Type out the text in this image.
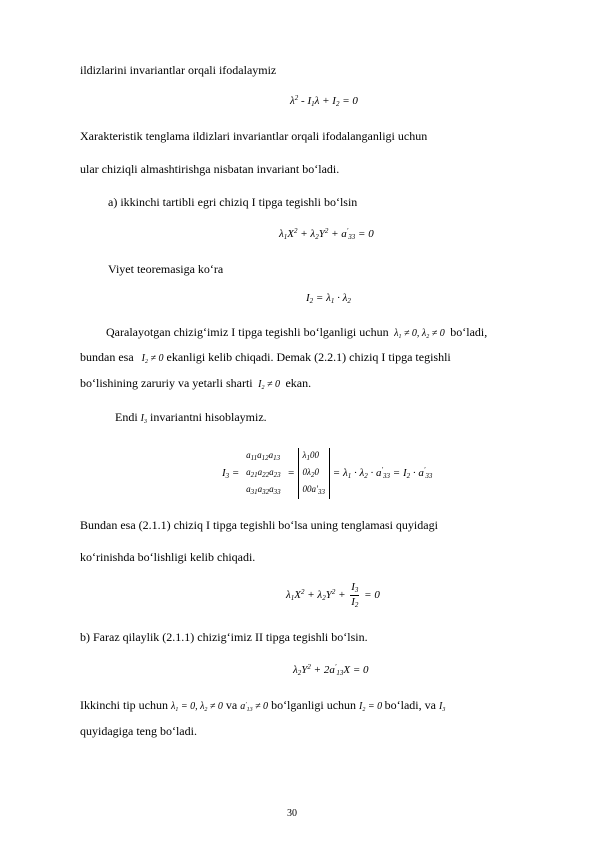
ildizlarini invariantlar orqali ifodalaymiz
$\lambda^2 - I_1\lambda + I_2 = 0$
Xarakteristik tenglama ildizlari invariantlar orqali ifodalanganligi uchun
ular chiziqli almashtirishga nisbatan invariant bo‘ladi.
a) ikkinchi tartibli egri chiziq I tipga tegishli bo‘lsin
$\lambda_1X^2 + \lambda_2Y^2 + a'_{33} = 0$
Viyet teoremasiga ko‘ra
$I_2 = \lambda_1 \cdot \lambda_2$
Qaralayotgan chizig‘imiz I tipga tegishli bo‘lganligi uchun  $\lambda_1 \ne 0$, $\lambda_2 \ne 0$  bo‘ladi,
bundan esa $I_2 \ne 0$ ekanligi kelib chiqadi. Demak (2.2.1) chiziq I tipga tegishli
bo‘lishining zaruriy va yetarli sharti $I_2 \ne 0$  ekan.
Endi $I_3$ invariantni hisoblaymiz.
$I_3$ =
$a_{11}a_{12}a_{13}$
$a_{21}a_{22}a_{23}$
$a_{31}a_{32}a_{33}$
=
$\lambda_100$
$0\lambda_20$
$00a'_{33}$
= $\lambda_1 \cdot \lambda_2 \cdot a'_{33} = I_2 \cdot a'_{33}$
Bundan esa (2.1.1) chiziq I tipga tegishli bo‘lsa uning tenglamasi quyidagi
ko‘rinishda bo‘lishligi kelib chiqadi.
$\lambda_1X^2 + \lambda_2Y^2 + \frac{I_3}{I_2} = 0$
b) Faraz qilaylik (2.1.1) chizig‘imiz II tipga tegishli bo‘lsin.
$\lambda_2Y^2 + 2a'_{13}X = 0$
Ikkinchi tip uchun $\lambda_1 = 0$, $\lambda_2 \ne 0$ va $a'_{13} \ne 0$ bo‘lganligi uchun $I_2 = 0$ bo‘ladi, va $I_3$
quyidagiga teng bo‘ladi.
30
